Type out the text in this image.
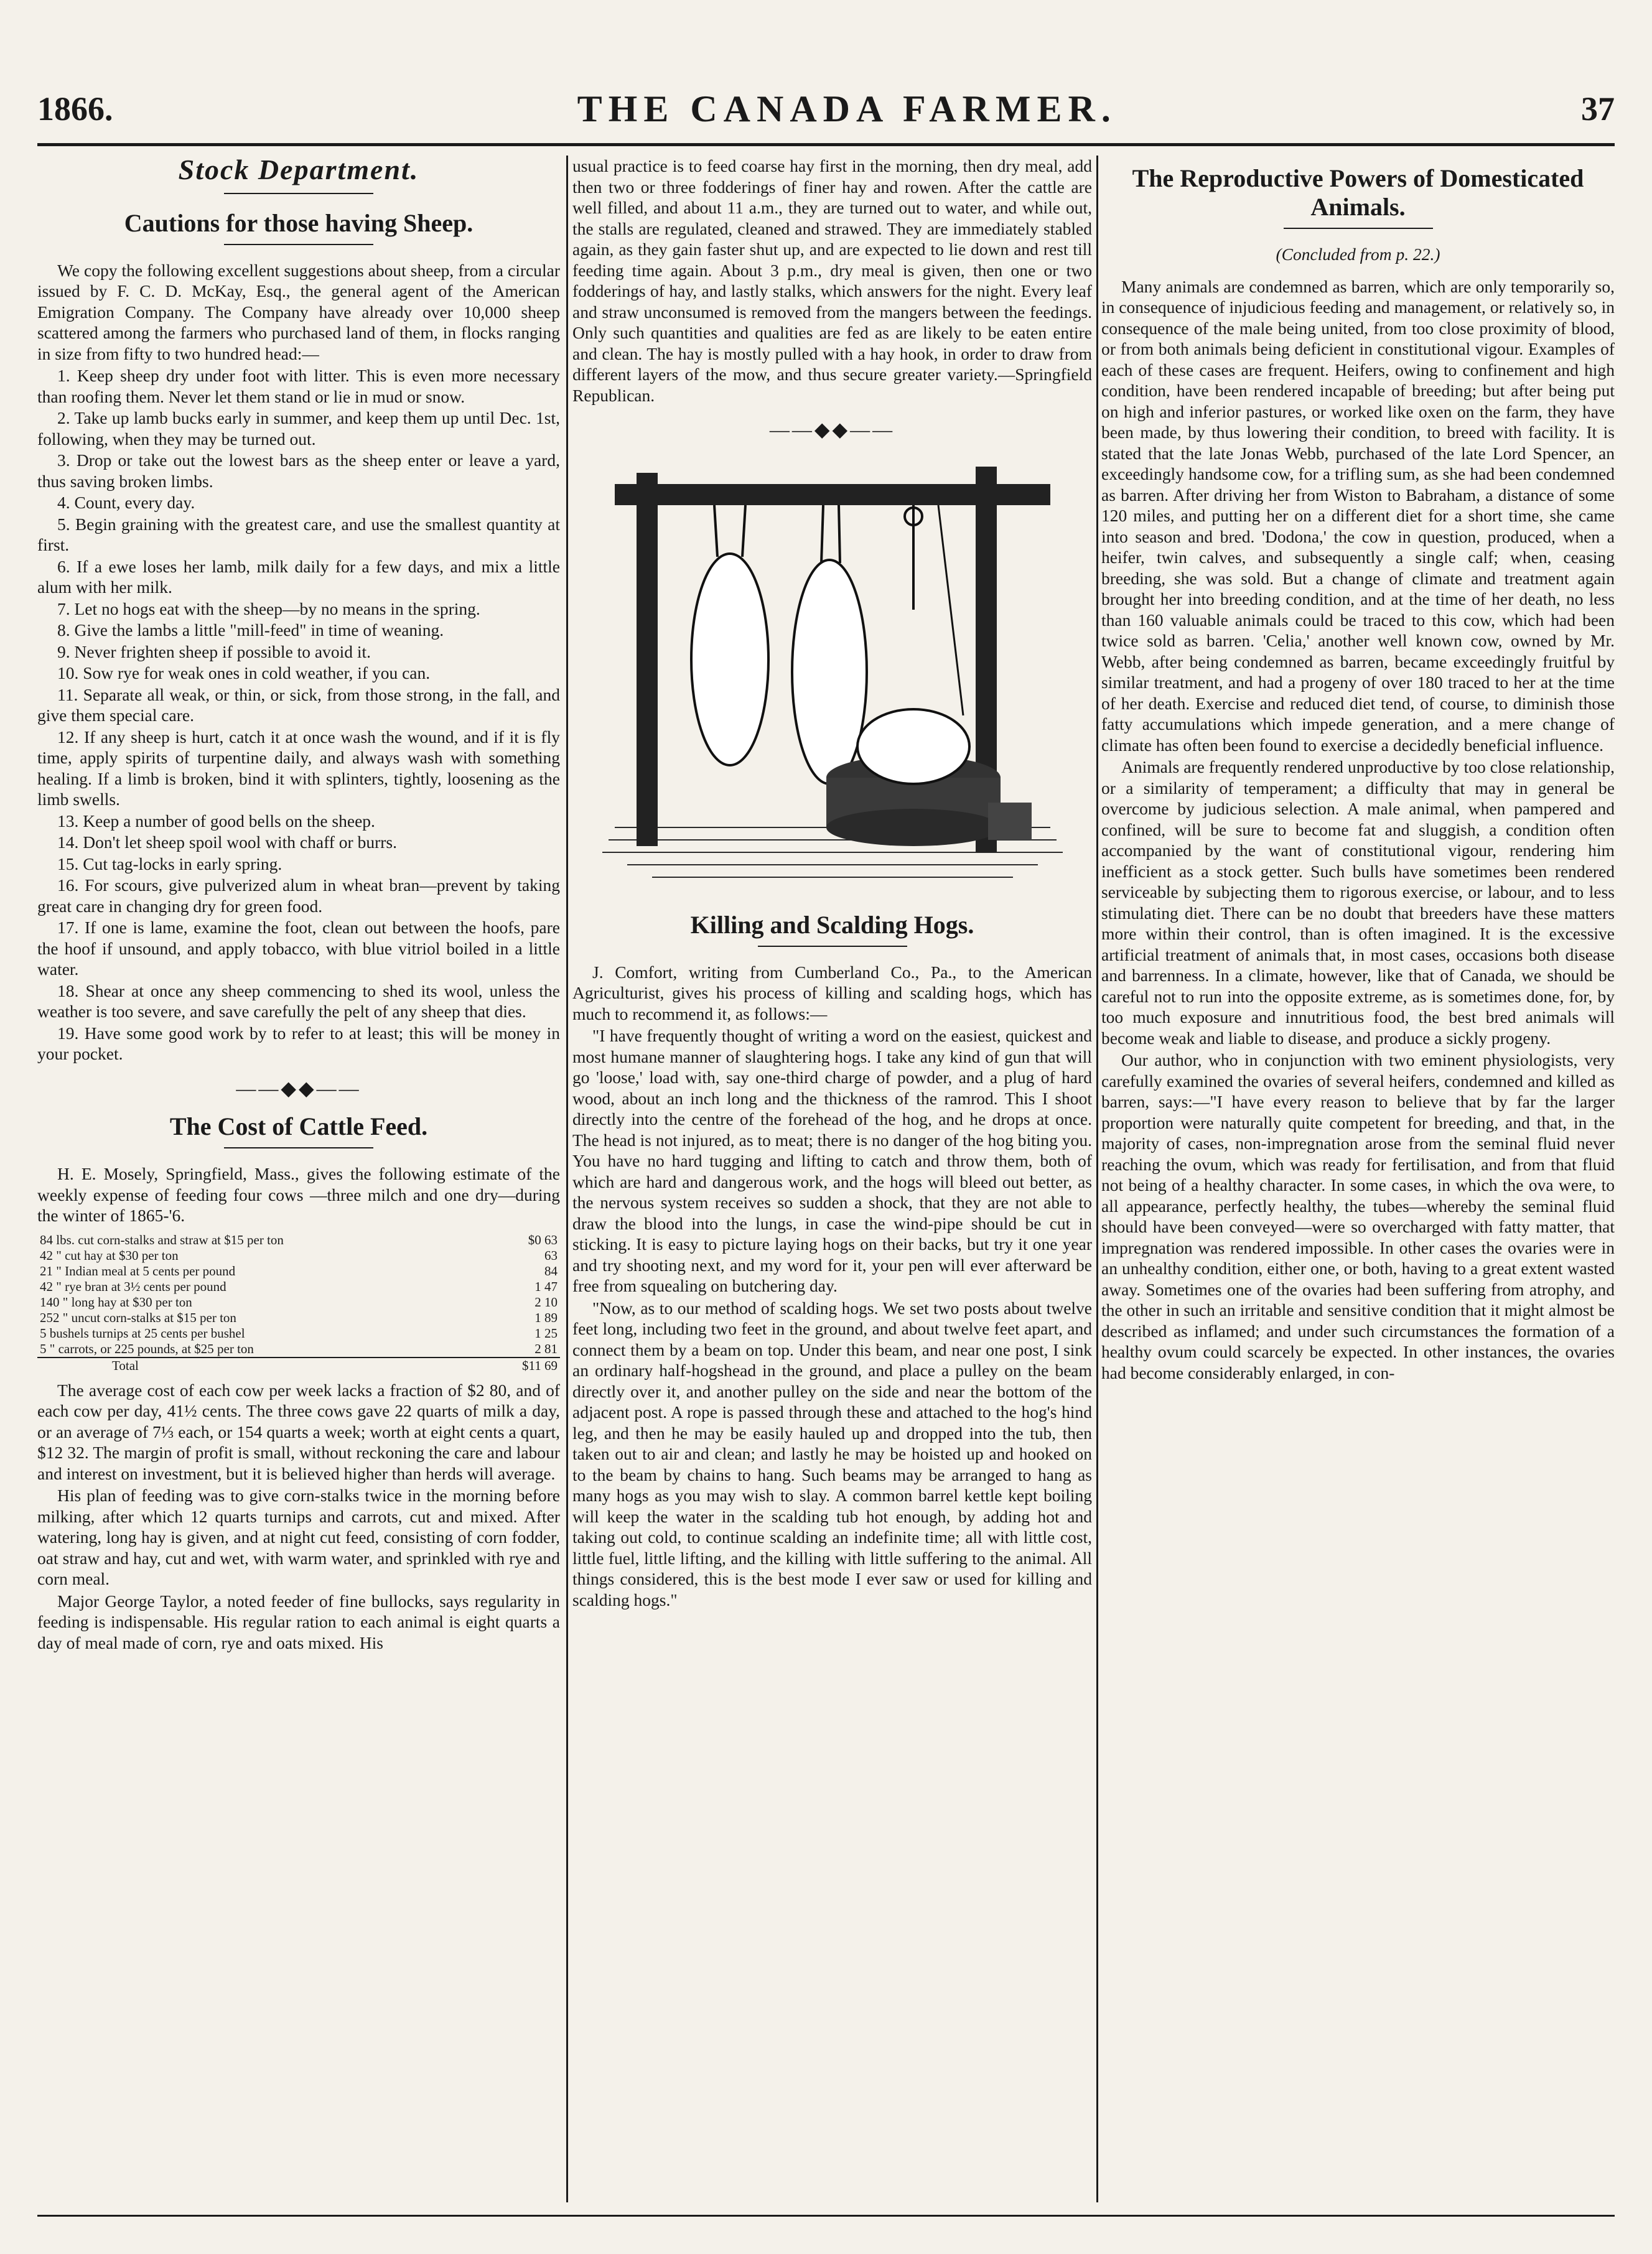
1866.	THE CANADA FARMER.	37
Stock Department.
Cautions for those having Sheep.

We copy the following excellent suggestions about sheep, from a circular issued by F. C. D. McKay, Esq., the general agent of the American Emigration Company. The Company have already over 10,000 sheep scattered among the farmers who purchased land of them, in flocks ranging in size from fifty to two hundred head:—

1. Keep sheep dry under foot with litter. This is even more necessary than roofing them. Never let them stand or lie in mud or snow.
2. Take up lamb bucks early in summer, and keep them up until Dec. 1st, following, when they may be turned out.
3. Drop or take out the lowest bars as the sheep enter or leave a yard, thus saving broken limbs.
4. Count, every day.
5. Begin graining with the greatest care, and use the smallest quantity at first.
6. If a ewe loses her lamb, milk daily for a few days, and mix a little alum with her milk.
7. Let no hogs eat with the sheep—by no means in the spring.
8. Give the lambs a little "mill-feed" in time of weaning.
9. Never frighten sheep if possible to avoid it.
10. Sow rye for weak ones in cold weather, if you can.
11. Separate all weak, or thin, or sick, from those strong, in the fall, and give them special care.
12. If any sheep is hurt, catch it at once wash the wound, and if it is fly time, apply spirits of turpentine daily, and always wash with something healing. If a limb is broken, bind it with splinters, tightly, loosening as the limb swells.
13. Keep a number of good bells on the sheep.
14. Don't let sheep spoil wool with chaff or burrs.
15. Cut tag-locks in early spring.
16. For scours, give pulverized alum in wheat bran—prevent by taking great care in changing dry for green food.
17. If one is lame, examine the foot, clean out between the hoofs, pare the hoof if unsound, and apply tobacco, with blue vitriol boiled in a little water.
18. Shear at once any sheep commencing to shed its wool, unless the weather is too severe, and save carefully the pelt of any sheep that dies.
19. Have some good work by to refer to at least; this will be money in your pocket.
——◆◆——
The Cost of Cattle Feed.

H. E. Mosely, Springfield, Mass., gives the following estimate of the weekly expense of feeding four cows —three milch and one dry—during the winter of 1865-'6.

84 lbs. cut corn-stalks and straw at $15 per ton	$0 63
42 " cut hay at $30 per ton	63
21 " Indian meal at 5 cents per pound	84
42 " rye bran at 3½ cents per pound	1 47
140 " long hay at $30 per ton	2 10
252 " uncut corn-stalks at $15 per ton	1 89
5 bushels turnips at 25 cents per bushel	1 25
5 " carrots, or 225 pounds, at $25 per ton	2 81
Total	$11 69

The average cost of each cow per week lacks a fraction of $2 80, and of each cow per day, 41½ cents. The three cows gave 22 quarts of milk a day, or an average of 7⅓ each, or 154 quarts a week; worth at eight cents a quart, $12 32. The margin of profit is small, without reckoning the care and labour and interest on investment, but it is believed higher than herds will average.

His plan of feeding was to give corn-stalks twice in the morning before milking, after which 12 quarts turnips and carrots, cut and mixed. After watering, long hay is given, and at night cut feed, consisting of corn fodder, oat straw and hay, cut and wet, with warm water, and sprinkled with rye and corn meal.

Major George Taylor, a noted feeder of fine bullocks, says regularity in feeding is indispensable. His regular ration to each animal is eight quarts a day of meal made of corn, rye and oats mixed. His

usual practice is to feed coarse hay first in the morning, then dry meal, add then two or three fodderings of finer hay and rowen. After the cattle are well filled, and about 11 a.m., they are turned out to water, and while out, the stalls are regulated, cleaned and strawed. They are immediately stabled again, as they gain faster shut up, and are expected to lie down and rest till feeding time again. About 3 p.m., dry meal is given, then one or two fodderings of hay, and lastly stalks, which answers for the night. Every leaf and straw unconsumed is removed from the mangers between the feedings. Only such quantities and qualities are fed as are likely to be eaten entire and clean. The hay is mostly pulled with a hay hook, in order to draw from different layers of the mow, and thus secure greater variety.—Springfield Republican.

——◆◆——
Killing and Scalding Hogs.

J. Comfort, writing from Cumberland Co., Pa., to the American Agriculturist, gives his process of killing and scalding hogs, which has much to recommend it, as follows:—

"I have frequently thought of writing a word on the easiest, quickest and most humane manner of slaughtering hogs. I take any kind of gun that will go 'loose,' load with, say one-third charge of powder, and a plug of hard wood, about an inch long and the thickness of the ramrod. This I shoot directly into the centre of the forehead of the hog, and he drops at once. The head is not injured, as to meat; there is no danger of the hog biting you. You have no hard tugging and lifting to catch and throw them, both of which are hard and dangerous work, and the hogs will bleed out better, as the nervous system receives so sudden a shock, that they are not able to draw the blood into the lungs, in case the wind-pipe should be cut in sticking. It is easy to picture laying hogs on their backs, but try it one year and try shooting next, and my word for it, your pen will ever afterward be free from squealing on butchering day.

"Now, as to our method of scalding hogs. We set two posts about twelve feet long, including two feet in the ground, and about twelve feet apart, and connect them by a beam on top. Under this beam, and near one post, I sink an ordinary half-hogshead in the ground, and place a pulley on the beam directly over it, and another pulley on the side and near the bottom of the adjacent post. A rope is passed through these and attached to the hog's hind leg, and then he may be easily hauled up and dropped into the tub, then taken out to air and clean; and lastly he may be hoisted up and hooked on to the beam by chains to hang. Such beams may be arranged to hang as many hogs as you may wish to slay. A common barrel kettle kept boiling will keep the water in the scalding tub hot enough, by adding hot and taking out cold, to continue scalding an indefinite time; all with little cost, little fuel, little lifting, and the killing with little suffering to the animal. All things considered, this is the best mode I ever saw or used for killing and scalding hogs."

The Reproductive Powers of Domesticated Animals.
(Concluded from p. 22.)

Many animals are condemned as barren, which are only temporarily so, in consequence of injudicious feeding and management, or relatively so, in consequence of the male being united, from too close proximity of blood, or from both animals being deficient in constitutional vigour. Examples of each of these cases are frequent. Heifers, owing to confinement and high condition, have been rendered incapable of breeding; but after being put on high and inferior pastures, or worked like oxen on the farm, they have been made, by thus lowering their condition, to breed with facility. It is stated that the late Jonas Webb, purchased of the late Lord Spencer, an exceedingly handsome cow, for a trifling sum, as she had been condemned as barren. After driving her from Wiston to Babraham, a distance of some 120 miles, and putting her on a different diet for a short time, she came into season and bred. 'Dodona,' the cow in question, produced, when a heifer, twin calves, and subsequently a single calf; when, ceasing breeding, she was sold. But a change of climate and treatment again brought her into breeding condition, and at the time of her death, no less than 160 valuable animals could be traced to this cow, which had been twice sold as barren. 'Celia,' another well known cow, owned by Mr. Webb, after being condemned as barren, became exceedingly fruitful by similar treatment, and had a progeny of over 180 traced to her at the time of her death. Exercise and reduced diet tend, of course, to diminish those fatty accumulations which impede generation, and a mere change of climate has often been found to exercise a decidedly beneficial influence.

Animals are frequently rendered unproductive by too close relationship, or a similarity of temperament; a difficulty that may in general be overcome by judicious selection. A male animal, when pampered and confined, will be sure to become fat and sluggish, a condition often accompanied by the want of constitutional vigour, rendering him inefficient as a stock getter. Such bulls have sometimes been rendered serviceable by subjecting them to rigorous exercise, or labour, and to less stimulating diet. There can be no doubt that breeders have these matters more within their control, than is often imagined. It is the excessive artificial treatment of animals that, in most cases, occasions both disease and barrenness. In a climate, however, like that of Canada, we should be careful not to run into the opposite extreme, as is sometimes done, for, by too much exposure and innutritious food, the best bred animals will become weak and liable to disease, and produce a sickly progeny.

Our author, who in conjunction with two eminent physiologists, very carefully examined the ovaries of several heifers, condemned and killed as barren, says:—"I have every reason to believe that by far the larger proportion were naturally quite competent for breeding, and that, in the majority of cases, non-impregnation arose from the seminal fluid never reaching the ovum, which was ready for fertilisation, and from that fluid not being of a healthy character. In some cases, in which the ova were, to all appearance, perfectly healthy, the tubes—whereby the seminal fluid should have been conveyed—were so overcharged with fatty matter, that impregnation was rendered impossible. In other cases the ovaries were in an unhealthy condition, either one, or both, having to a great extent wasted away. Sometimes one of the ovaries had been suffering from atrophy, and the other in such an irritable and sensitive condition that it might almost be described as inflamed; and under such circumstances the formation of a healthy ovum could scarcely be expected. In other instances, the ovaries had become considerably enlarged, in con-
